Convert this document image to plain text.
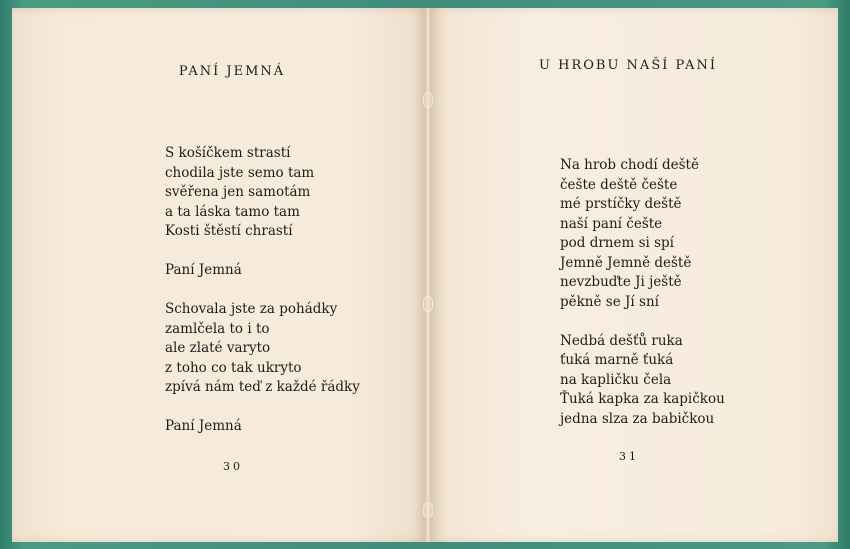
PANÍ JEMNÁ
S košíčkem strastí
chodila jste semo tam
svěřena jen samotám
a ta láska tamo tam
Kosti štěstí chrastí
Paní Jemná
Schovala jste za pohádky
zamlčela to i to
ale zlaté varyto
z toho co tak ukryto
zpívá nám teď z každé řádky
Paní Jemná
30
U HROBU NAŠÍ PANÍ
Na hrob chodí deště
češte deště češte
mé prstíčky deště
naší paní češte
pod drnem si spí
Jemně Jemně deště
nevzbuďte Ji ještě
pěkně se Jí sní
Nedbá dešťů ruka
ťuká marně ťuká
na kapličku čela
Ťuká kapka za kapičkou
jedna slza za babičkou
31
